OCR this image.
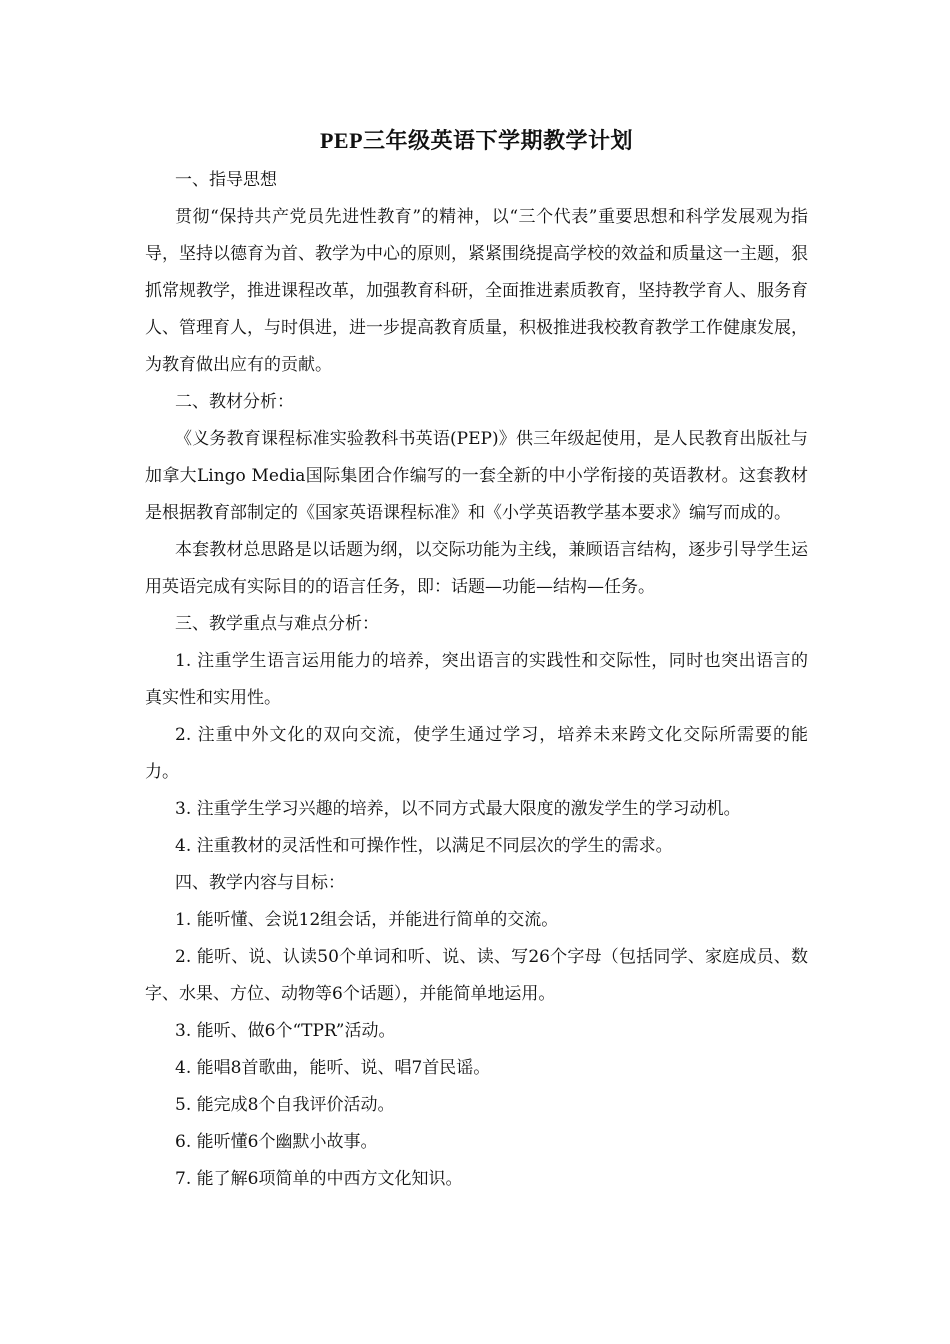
PEP三年级英语下学期教学计划

一、指导思想

贯彻“保持共产党员先进性教育”的精神，以“三个代表”重要思想和科学发展观为指导，坚持以德育为首、教学为中心的原则，紧紧围绕提高学校的效益和质量这一主题，狠抓常规教学，推进课程改革，加强教育科研，全面推进素质教育，坚持教学育人、服务育人、管理育人，与时俱进，进一步提高教育质量，积极推进我校教育教学工作健康发展，为教育做出应有的贡献。

二、教材分析：

《义务教育课程标准实验教科书英语(PEP)》供三年级起使用，是人民教育出版社与加拿大Lingo Media国际集团合作编写的一套全新的中小学衔接的英语教材。这套教材是根据教育部制定的《国家英语课程标准》和《小学英语教学基本要求》编写而成的。

本套教材总思路是以话题为纲，以交际功能为主线，兼顾语言结构，逐步引导学生运用英语完成有实际目的的语言任务，即：话题—功能—结构—任务。

三、教学重点与难点分析：

1. 注重学生语言运用能力的培养，突出语言的实践性和交际性，同时也突出语言的真实性和实用性。

2. 注重中外文化的双向交流，使学生通过学习，培养未来跨文化交际所需要的能力。

3. 注重学生学习兴趣的培养，以不同方式最大限度的激发学生的学习动机。

4. 注重教材的灵活性和可操作性，以满足不同层次的学生的需求。

四、教学内容与目标：

1. 能听懂、会说12组会话，并能进行简单的交流。

2. 能听、说、认读50个单词和听、说、读、写26个字母（包括同学、家庭成员、数字、水果、方位、动物等6个话题），并能简单地运用。

3. 能听、做6个“TPR”活动。

4. 能唱8首歌曲，能听、说、唱7首民谣。

5. 能完成8个自我评价活动。

6. 能听懂6个幽默小故事。

7. 能了解6项简单的中西方文化知识。
